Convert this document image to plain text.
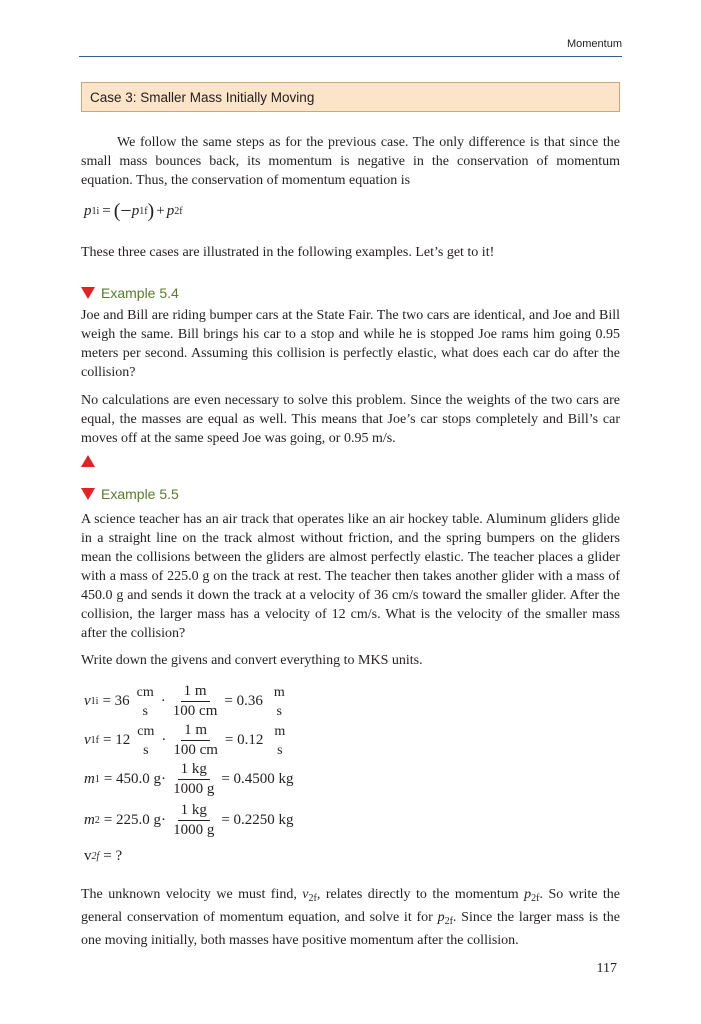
Momentum
Case 3: Smaller Mass Initially Moving

We follow the same steps as for the previous case. The only difference is that since the small mass bounces back, its momentum is negative in the conservation of momentum equation. Thus, the conservation of momentum equation is

p 1i = (− p 1f ) + p 2f

These three cases are illustrated in the following examples. Let’s get to it!

Example 5.4

Joe and Bill are riding bumper cars at the State Fair. The two cars are identical, and Joe and Bill weigh the same. Bill brings his car to a stop and while he is stopped Joe rams him going 0.95 meters per second. Assuming this collision is perfectly elastic, what does each car do after the collision?

No calculations are even necessary to solve this problem. Since the weights of the two cars are equal, the masses are equal as well. This means that Joe’s car stops completely and Bill’s car moves off at the same speed Joe was going, or 0.95 m/s.

Example 5.5

A science teacher has an air track that operates like an air hockey table. Aluminum gliders glide in a straight line on the track almost without friction, and the spring bumpers on the gliders mean the collisions between the gliders are almost perfectly elastic. The teacher places a glider with a mass of 225.0 g on the track at rest. The teacher then takes another glider with a mass of 450.0 g and sends it down the track at a velocity of 36 cm/s toward the smaller glider. After the collision, the larger mass has a velocity of 12 cm/s. What is the velocity of the smaller mass after the collision?

Write down the givens and convert everything to MKS units.

v 1i = 36
cm
s
· $\frac{1 m}{100 cm} = 0.36$
m
s
v 1f = 12
cm
s
· $\frac{1 m}{100 cm} = 0.12$
m
s
m 1 = 450.0 $g\cdot \frac{1 kg}{1000 g} = 0.4500$ kg
m 2 = 225.0 $g\cdot \frac{1 kg}{1000 g} = 0.2250$ kg
v 2f = ?

The unknown velocity we must find, $v_{2f}$, relates directly to the momentum $p_{2f}$. So write the general conservation of momentum equation, and solve it for $p_{2f}$. Since the larger mass is the one moving initially, both masses have positive momentum after the collision.

117
